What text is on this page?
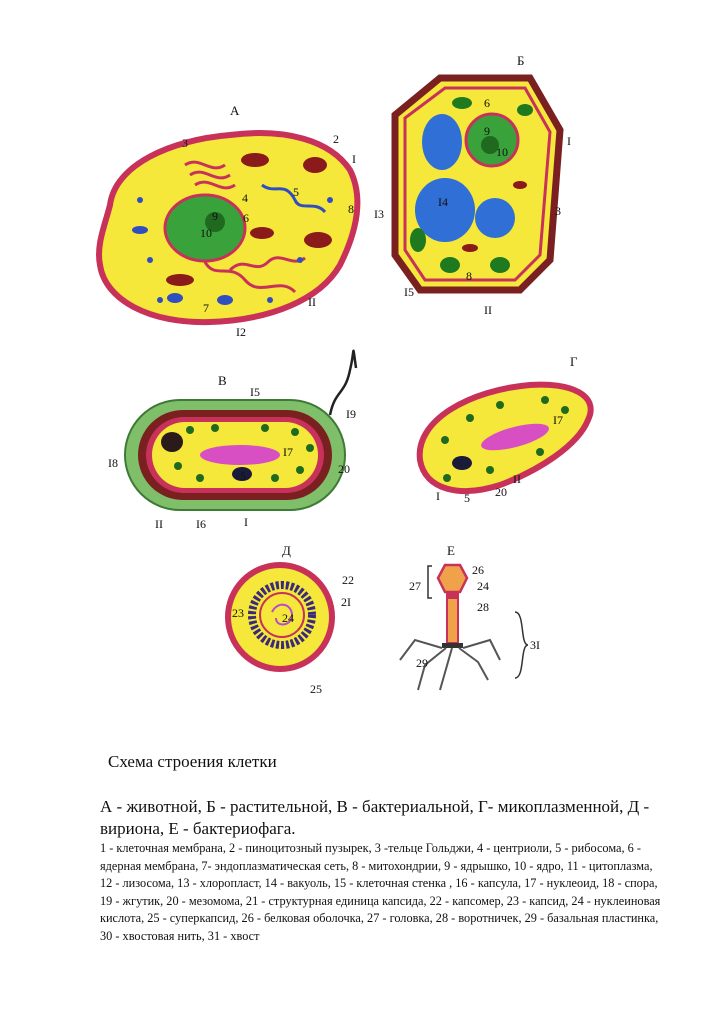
А
3	2
I
5
4
8
9 6
10
7	II
I2
Б
6
9
10
I
I4
3
I3
8
I5
II
В
I5
I9
I7
I8
5	20
II	I6	I
Г
I7
II
I 5 20
Д
22
2I
23	24
25
Е
26
24
27
28
3I
29
Схема строения клетки
А - животной, Б - растительной, В - бактериальной, Г- микоплазменной, Д - вириона, Е - бактериофага.
1 - клеточная мембрана, 2 - пиноцитозный пузырек, 3 -тельце Гольджи, 4 - центриоли, 5 - рибосома, 6 - ядерная мембрана, 7- эндоплазматическая сеть, 8 - митохондрии, 9 - ядрышко, 10 - ядро, 11 - цитоплазма, 12 - лизосома, 13 - хлоропласт, 14 - вакуоль, 15 - клеточная стенка , 16 - капсула, 17 - нуклеоид, 18 - спора, 19 - жгутик, 20 - мезомома, 21 - структурная единица капсида, 22 - капсомер, 23 - капсид, 24 - нуклеиновая кислота, 25 - суперкапсид, 26 - белковая оболочка, 27 - головка, 28 - воротничек, 29 - базальная пластинка, 30 - хвостовая нить, 31 - хвост
